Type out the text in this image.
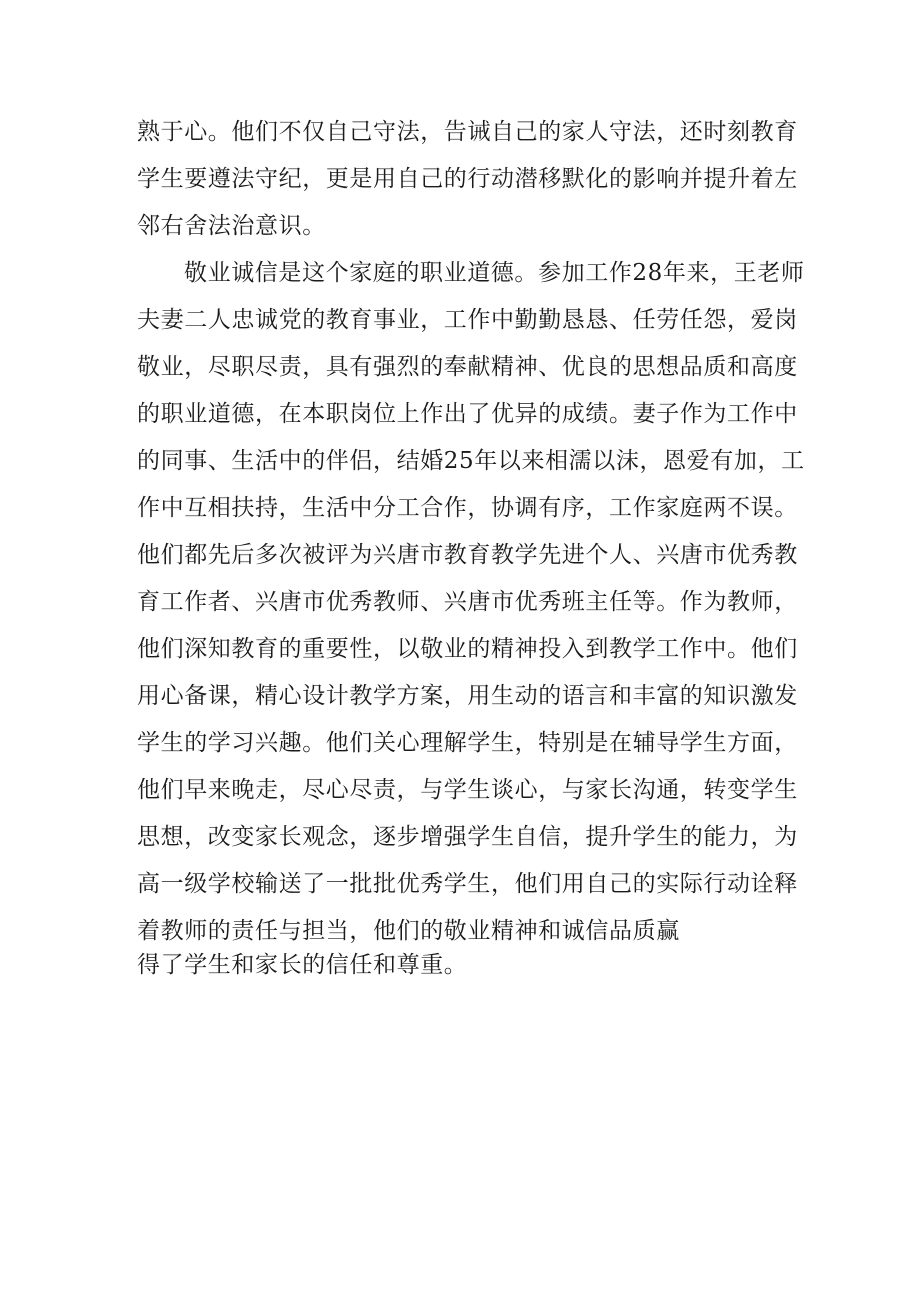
熟于心。他们不仅自己守法，告诫自己的家人守法，还时刻教育
学生要遵法守纪，更是用自己的行动潜移默化的影响并提升着左
邻右舍法治意识。
敬业诚信是这个家庭的职业道德。参加工作28年来，王老师
夫妻二人忠诚党的教育事业，工作中勤勤恳恳、任劳任怨，爱岗
敬业，尽职尽责，具有强烈的奉献精神、优良的思想品质和高度
的职业道德，在本职岗位上作出了优异的成绩。妻子作为工作中
的同事、生活中的伴侣，结婚25年以来相濡以沫，恩爱有加，工
作中互相扶持，生活中分工合作，协调有序，工作家庭两不误。
他们都先后多次被评为兴唐市教育教学先进个人、兴唐市优秀教
育工作者、兴唐市优秀教师、兴唐市优秀班主任等。作为教师，
他们深知教育的重要性，以敬业的精神投入到教学工作中。他们
用心备课，精心设计教学方案，用生动的语言和丰富的知识激发
学生的学习兴趣。他们关心理解学生，特别是在辅导学生方面，
他们早来晚走，尽心尽责，与学生谈心，与家长沟通，转变学生
思想，改变家长观念，逐步增强学生自信，提升学生的能力，为
高一级学校输送了一批批优秀学生，他们用自己的实际行动诠释
着教师的责任与担当，他们的敬业精神和诚信品质赢
得了学生和家长的信任和尊重。
